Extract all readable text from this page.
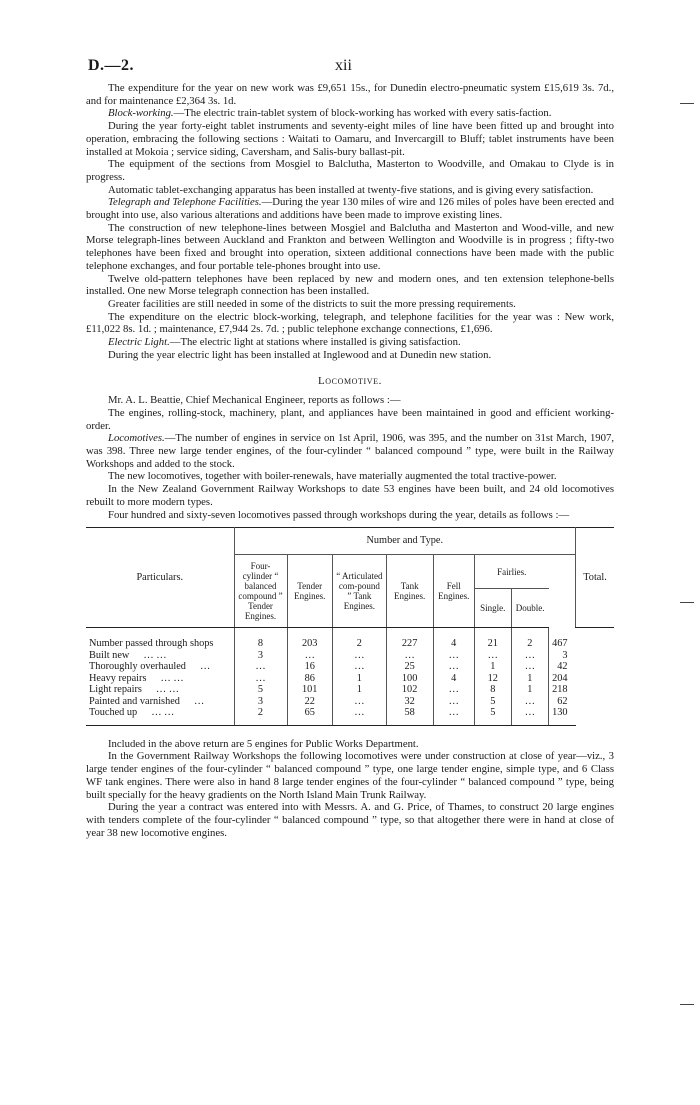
D.—2.	xii

The expenditure for the year on new work was £9,651 15s., for Dunedin electro-pneumatic system £15,619 3s. 7d., and for maintenance £2,364 3s. 1d.

Block-working.—The electric train-tablet system of block-working has worked with every satis-faction.

During the year forty-eight tablet instruments and seventy-eight miles of line have been fitted up and brought into operation, embracing the following sections : Waitati to Oamaru, and Invercargill to Bluff; tablet instruments have been installed at Mokoia ; service siding, Caversham, and Salis-bury ballast-pit.

The equipment of the sections from Mosgiel to Balclutha, Masterton to Woodville, and Omakau to Clyde is in progress.

Automatic tablet-exchanging apparatus has been installed at twenty-five stations, and is giving every satisfaction.

Telegraph and Telephone Facilities.—During the year 130 miles of wire and 126 miles of poles have been erected and brought into use, also various alterations and additions have been made to improve existing lines.

The construction of new telephone-lines between Mosgiel and Balclutha and Masterton and Wood-ville, and new Morse telegraph-lines between Auckland and Frankton and between Wellington and Woodville is in progress ; fifty-two telephones have been fixed and brought into operation, sixteen additional connections have been made with the public telephone exchanges, and four portable tele-phones brought into use.

Twelve old-pattern telephones have been replaced by new and modern ones, and ten extension telephone-bells installed. One new Morse telegraph connection has been installed.

Greater facilities are still needed in some of the districts to suit the more pressing requirements.

The expenditure on the electric block-working, telegraph, and telephone facilities for the year was : New work, £11,022 8s. 1d. ; maintenance, £7,944 2s. 7d. ; public telephone exchange connections, £1,696.

Electric Light.—The electric light at stations where installed is giving satisfaction.

During the year electric light has been installed at Inglewood and at Dunedin new station.

Locomotive.

Mr. A. L. Beattie, Chief Mechanical Engineer, reports as follows :—

The engines, rolling-stock, machinery, plant, and appliances have been maintained in good and efficient working-order.

Locomotives.—The number of engines in service on 1st April, 1906, was 395, and the number on 31st March, 1907, was 398. Three new large tender engines, of the four-cylinder “ balanced compound ” type, were built in the Railway Workshops and added to the stock.

The new locomotives, together with boiler-renewals, have materially augmented the total tractive-power.

In the New Zealand Government Railway Workshops to date 53 engines have been built, and 24 old locomotives rebuilt to more modern types.

Four hundred and sixty-seven locomotives passed through workshops during the year, details as follows :—

Particulars.	Number and Type.								Total.
	Four-cylinder “ balanced compound ” Tender Engines.	Tender Engines.	“ Articulated com-pound ” Tank Engines.	Tank Engines.	Fell Engines.	Fairlies.		
						Single.	Double.		
Number passed through shops	8	203	2	227	4	21	2	467	
Built new … …	3	…	…	…	…	…	…	3	
Thoroughly overhauled …	…	16	…	25	…	1	…	42	
Heavy repairs … …	…	86	1	100	4	12	1	204	
Light repairs … …	5	101	1	102	…	8	1	218	
Painted and varnished …	3	22	…	32	…	5	…	62	
Touched up … …	2	65	…	58	…	5	…	130	

Included in the above return are 5 engines for Public Works Department.

In the Government Railway Workshops the following locomotives were under construction at close of year—viz., 3 large tender engines of the four-cylinder “ balanced compound ” type, one large tender engine, simple type, and 6 Class WF tank engines. There were also in hand 8 large tender engines of the four-cylinder “ balanced compound ” type, being built specially for the heavy gradients on the North Island Main Trunk Railway.

During the year a contract was entered into with Messrs. A. and G. Price, of Thames, to construct 20 large engines with tenders complete of the four-cylinder “ balanced compound ” type, so that altogether there were in hand at close of year 38 new locomotive engines.
